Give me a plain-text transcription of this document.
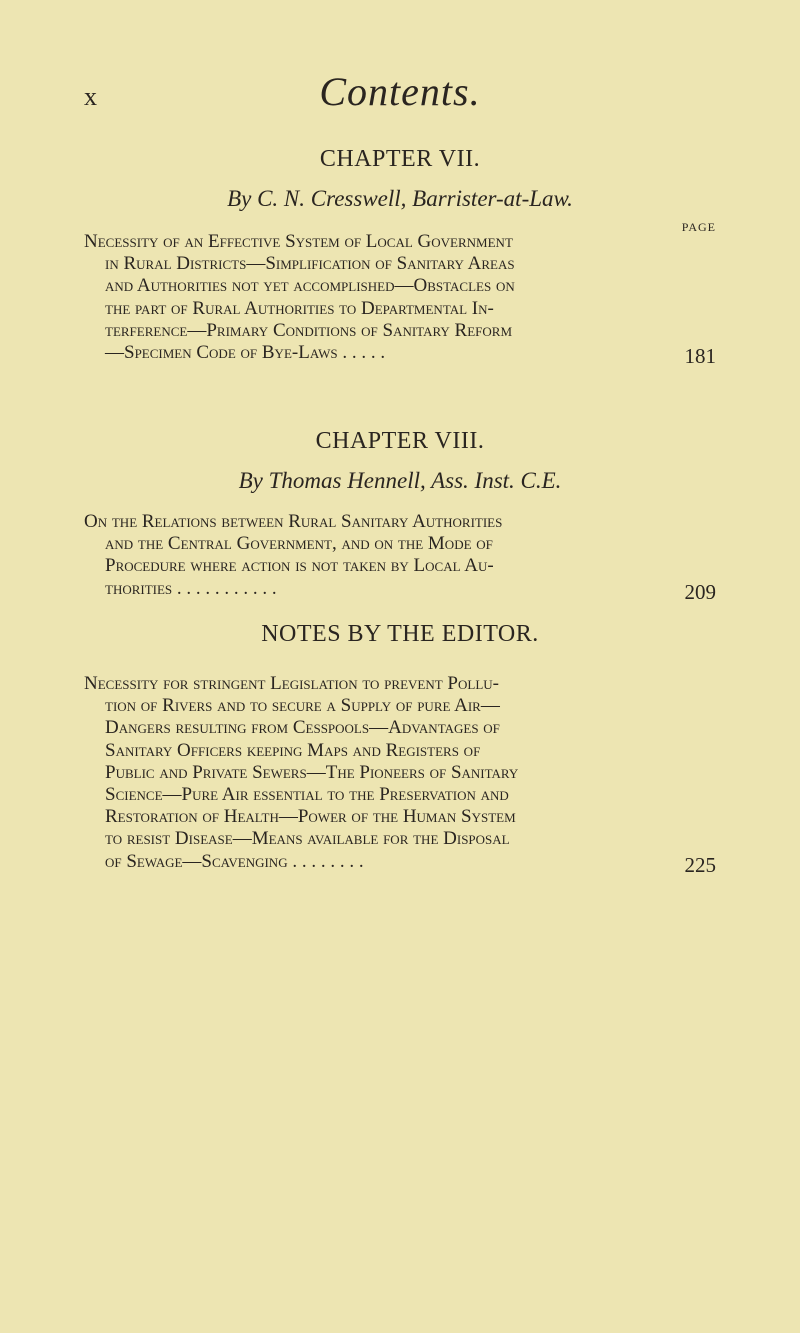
x	Contents.
CHAPTER VII.
By C. N. Cresswell, Barrister-at-Law.
PAGE
Necessity of an Effective System of Local Government
in Rural Districts—Simplification of Sanitary Areas
and Authorities not yet accomplished—Obstacles on
the part of Rural Authorities to Departmental In-
terference—Primary Conditions of Sanitary Reform
—Specimen Code of Bye-Laws . . . . .	181
CHAPTER VIII.
By Thomas Hennell, Ass. Inst. C.E.
On the Relations between Rural Sanitary Authorities
and the Central Government, and on the Mode of
Procedure where action is not taken by Local Au-
thorities . . . . . . . . . . .	209
NOTES BY THE EDITOR.
Necessity for stringent Legislation to prevent Pollu-
tion of Rivers and to secure a Supply of pure Air—
Dangers resulting from Cesspools—Advantages of
Sanitary Officers keeping Maps and Registers of
Public and Private Sewers—The Pioneers of Sanitary
Science—Pure Air essential to the Preservation and
Restoration of Health—Power of the Human System
to resist Disease—Means available for the Disposal
of Sewage—Scavenging . . . . . . . .	225
